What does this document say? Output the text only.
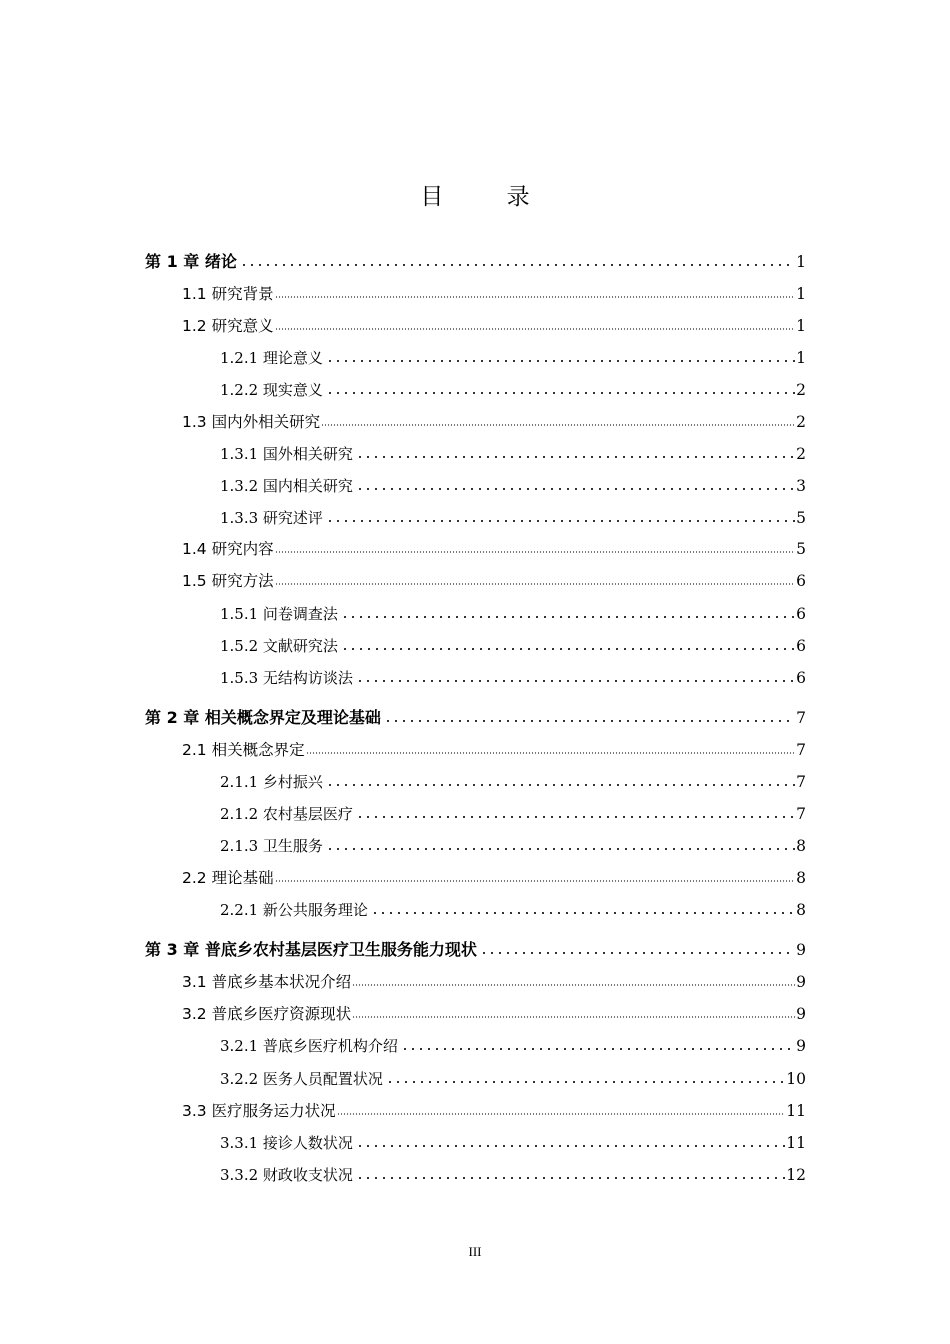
目 录
第 1 章 绪论	1
1.1 研究背景	1
1.2 研究意义	1
1.2.1 理论意义	1
1.2.2 现实意义	2
1.3 国内外相关研究	2
1.3.1 国外相关研究	2
1.3.2 国内相关研究	3
1.3.3 研究述评	5
1.4 研究内容	5
1.5 研究方法	6
1.5.1 问卷调查法	6
1.5.2 文献研究法	6
1.5.3 无结构访谈法	6
第 2 章 相关概念界定及理论基础	7
2.1 相关概念界定	7
2.1.1 乡村振兴	7
2.1.2 农村基层医疗	7
2.1.3 卫生服务	8
2.2 理论基础	8
2.2.1 新公共服务理论	8
第 3 章 普底乡农村基层医疗卫生服务能力现状	9
3.1 普底乡基本状况介绍	9
3.2 普底乡医疗资源现状	9
3.2.1 普底乡医疗机构介绍	9
3.2.2 医务人员配置状况	10
3.3 医疗服务运力状况	11
3.3.1 接诊人数状况	11
3.3.2 财政收支状况	12
III
